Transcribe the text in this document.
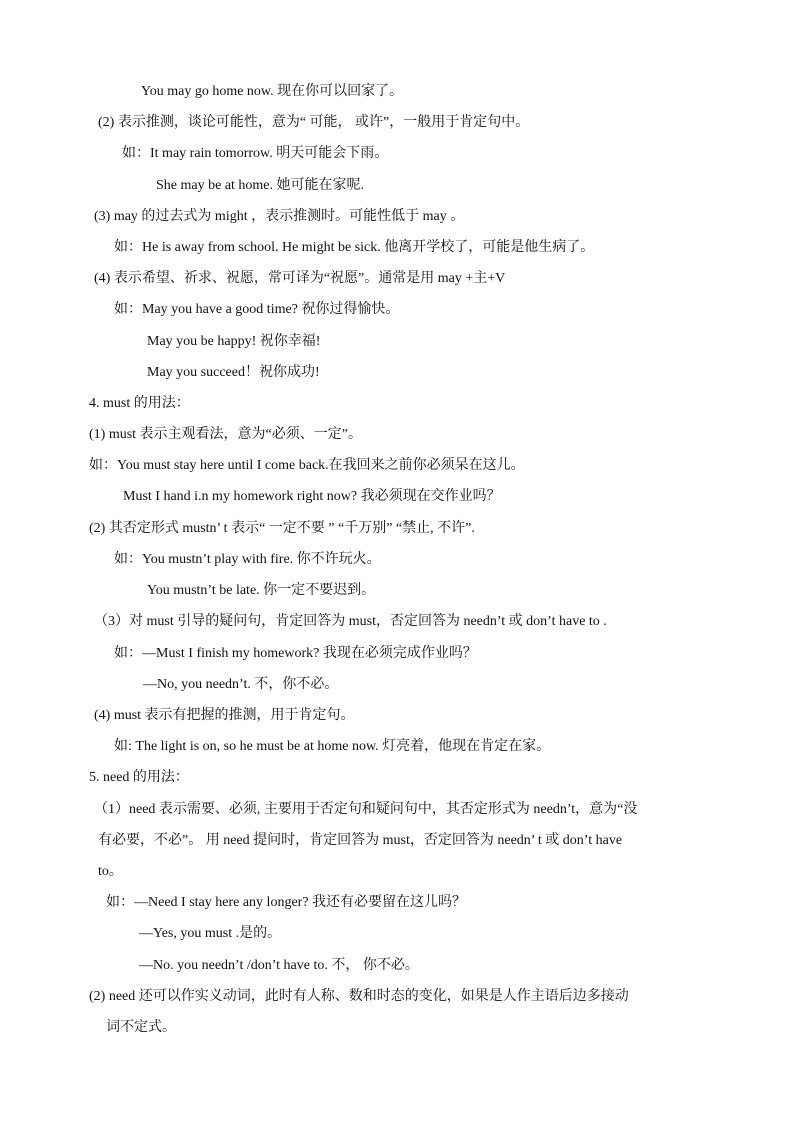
You may go home now. 现在你可以回家了。
(2) 表示推测，谈论可能性，意为“ 可能， 或许”，一般用于肯定句中。
如：It may rain tomorrow. 明天可能会下雨。
She may be at home. 她可能在家呢.
(3) may 的过去式为 might ，表示推测时。可能性低于 may 。
如：He is away from school. He might be sick. 他离开学校了，可能是他生病了。
(4) 表示希望、祈求、祝愿，常可译为“祝愿”。通常是用 may +主+V
如：May you have a good time? 祝你过得愉快。
May you be happy! 祝你幸福!
May you succeed！祝你成功!
4. must 的用法：
(1) must 表示主观看法，意为“必须、一定”。
如：You must stay here until I come back.在我回来之前你必须呆在这儿。
Must I hand i.n my homework right now? 我必须现在交作业吗？
(2) 其否定形式 mustn’ t 表示“ 一定不要 ” “千万别” “禁止, 不许”.
如：You mustn’t play with fire. 你不许玩火。
You mustn’t be late. 你一定不要迟到。
（3）对 must 引导的疑问句，肯定回答为 must，否定回答为 needn’t 或 don’t have to .
如：—Must I finish my homework? 我现在必须完成作业吗？
—No, you needn’t. 不，你不必。
(4) must 表示有把握的推测，用于肯定句。
如: The light is on, so he must be at home now. 灯亮着，他现在肯定在家。
5. need 的用法：
（1）need 表示需要、必须, 主要用于否定句和疑问句中，其否定形式为 needn’t，意为“没
有必要，不必”。 用 need 提问时，肯定回答为 must，否定回答为 needn’ t 或 don’t have
to。
如：—Need I stay here any longer? 我还有必要留在这儿吗？
—Yes, you must .是的。
—No. you needn’t /don’t have to. 不， 你不必。
(2) need 还可以作实义动词，此时有人称、数和时态的变化，如果是人作主语后边多接动
词不定式。
